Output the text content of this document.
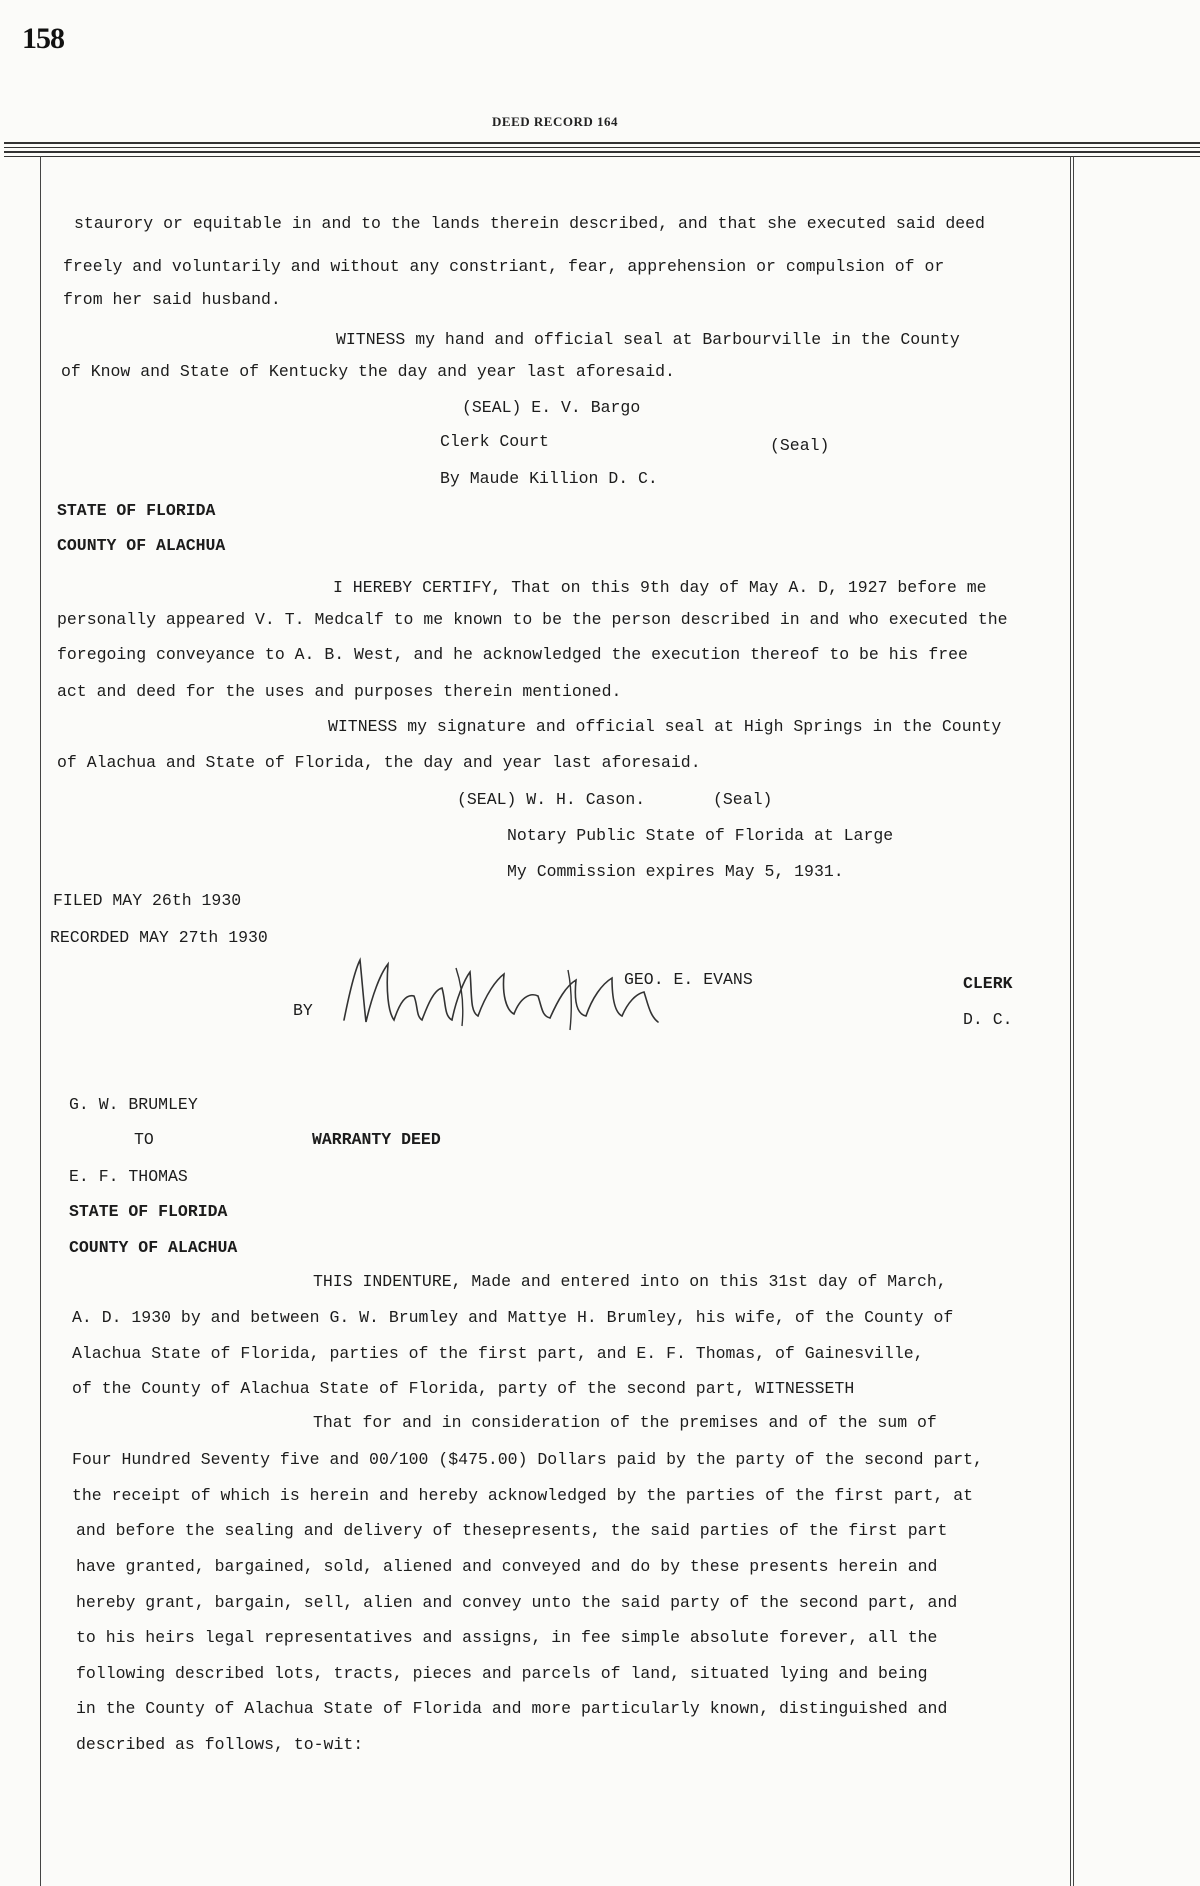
158
DEED RECORD 164
staurory or equitable in and to the lands therein described, and that she executed said deed
freely and voluntarily and without any constriant, fear, apprehension or compulsion of or
from her said husband.
WITNESS my hand and official seal at Barbourville in the County
of Know and State of Kentucky the day and year last aforesaid.
(SEAL) E. V. Bargo
Clerk Court	(Seal)
By Maude Killion D. C.
STATE OF FLORIDA
COUNTY OF ALACHUA
I HEREBY CERTIFY, That on this 9th day of May A. D, 1927 before me
personally appeared V. T. Medcalf to me known to be the person described in and who executed the
foregoing conveyance to A. B. West, and he acknowledged the execution thereof to be his free
act and deed for the uses and purposes therein mentioned.
WITNESS my signature and official seal at High Springs in the County
of Alachua and State of Florida, the day and year last aforesaid.
(SEAL) W. H. Cason.	(Seal)
Notary Public State of Florida at Large
My Commission expires May 5, 1931.
FILED MAY 26th 1930
RECORDED MAY 27th 1930
GEO. E. EVANS	CLERK
BY	D. C.
G. W. BRUMLEY
TO	WARRANTY DEED
E. F. THOMAS
STATE OF FLORIDA
COUNTY OF ALACHUA
THIS INDENTURE, Made and entered into on this 31st day of March,
A. D. 1930 by and between G. W. Brumley and Mattye H. Brumley, his wife, of the County of
Alachua State of Florida, parties of the first part, and E. F. Thomas, of Gainesville,
of the County of Alachua State of Florida, party of the second part, WITNESSETH
That for and in consideration of the premises and of the sum of
Four Hundred Seventy five and 00/100 ($475.00) Dollars paid by the party of the second part,
the receipt of which is herein and hereby acknowledged by the parties of the first part, at
and before the sealing and delivery of thesepresents, the said parties of the first part
have granted, bargained, sold, aliened and conveyed and do by these presents herein and
hereby grant, bargain, sell, alien and convey unto the said party of the second part, and
to his heirs legal representatives and assigns, in fee simple absolute forever, all the
following described lots, tracts, pieces and parcels of land, situated lying and being
in the County of Alachua State of Florida and more particularly known, distinguished and
described as follows, to-wit:
